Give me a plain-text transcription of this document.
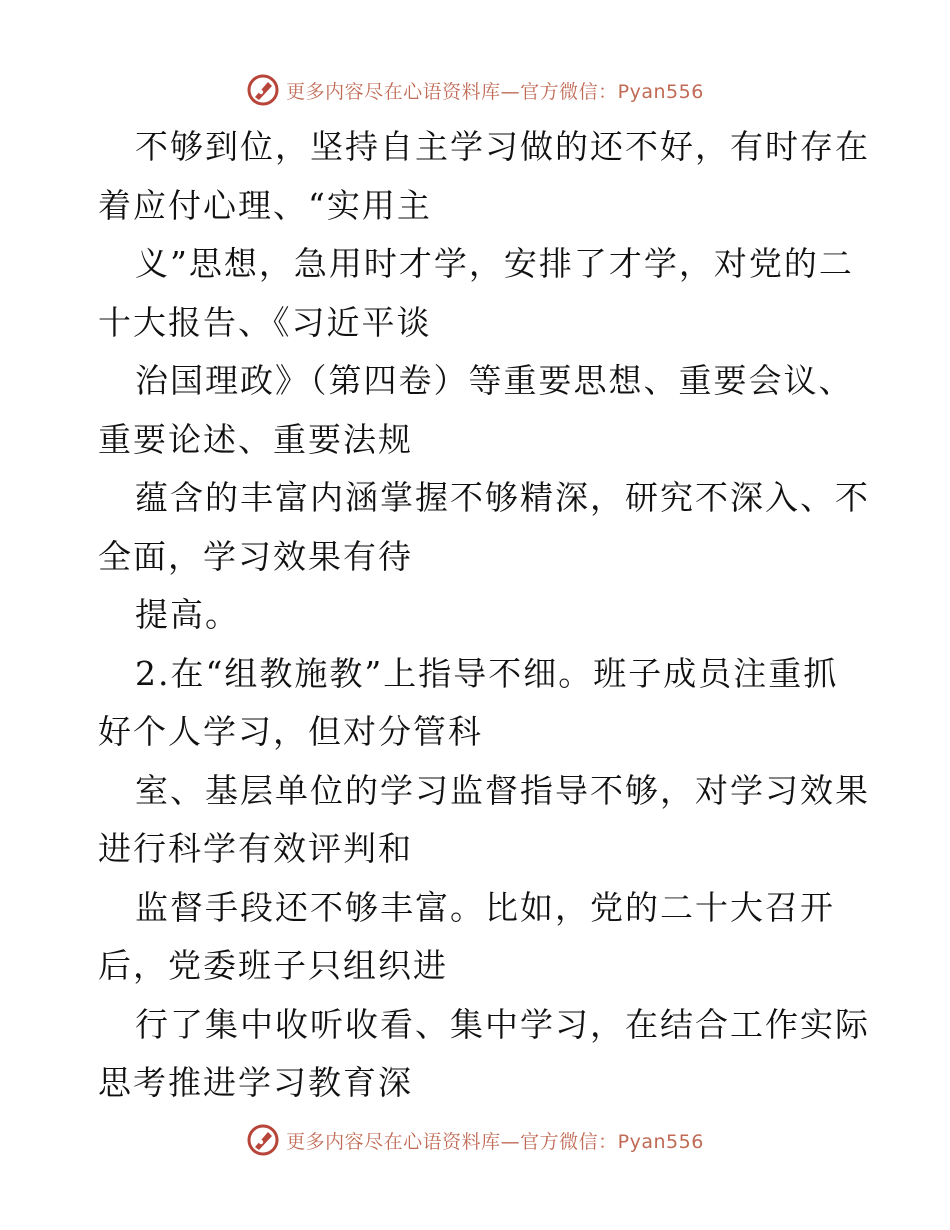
更多内容尽在心语资料库—官方微信：Pyan556
不够到位，坚持自主学习做的还不好，有时存在
着应付心理、“实用主
义”思想，急用时才学，安排了才学，对党的二
十大报告、《习近平谈
治国理政》（第四卷）等重要思想、重要会议、
重要论述、重要法规
蕴含的丰富内涵掌握不够精深，研究不深入、不
全面，学习效果有待
提高。
2.在“组教施教”上指导不细。班子成员注重抓
好个人学习，但对分管科
室、基层单位的学习监督指导不够，对学习效果
进行科学有效评判和
监督手段还不够丰富。比如，党的二十大召开
后，党委班子只组织进
行了集中收听收看、集中学习，在结合工作实际
思考推进学习教育深
更多内容尽在心语资料库—官方微信：Pyan556
